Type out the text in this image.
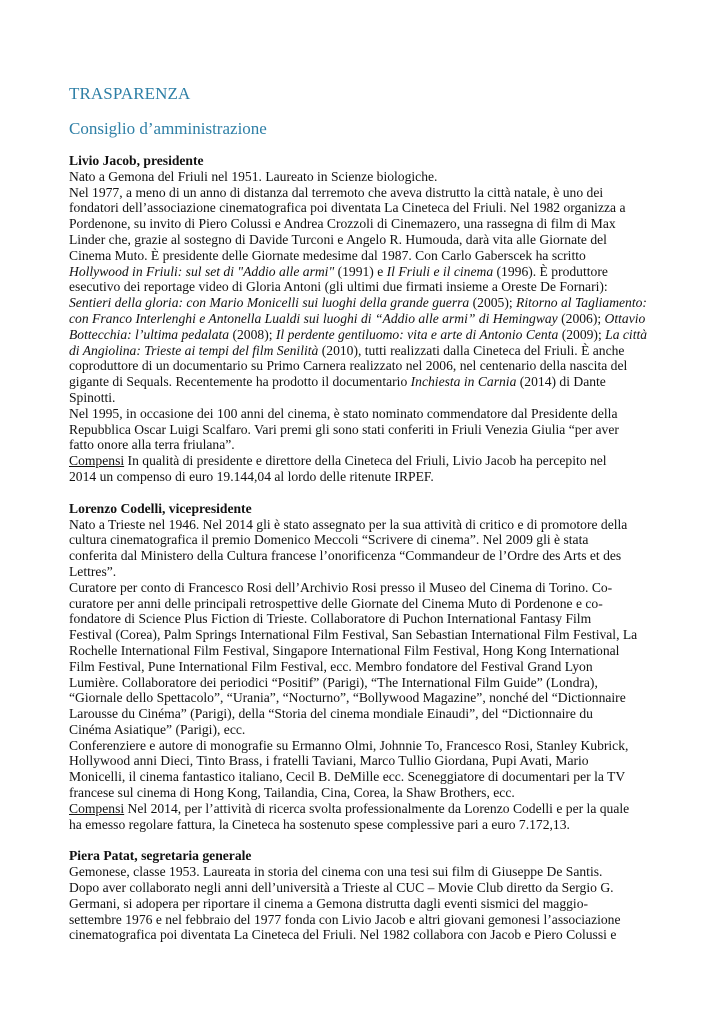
TRASPARENZA
Consiglio d’amministrazione
Livio Jacob, presidente
Nato a Gemona del Friuli nel 1951. Laureato in Scienze biologiche.
Nel 1977, a meno di un anno di distanza dal terremoto che aveva distrutto la città natale, è uno dei
fondatori dell’associazione cinematografica poi diventata La Cineteca del Friuli. Nel 1982 organizza a
Pordenone, su invito di Piero Colussi e Andrea Crozzoli di Cinemazero, una rassegna di film di Max
Linder che, grazie al sostegno di Davide Turconi e Angelo R. Humouda, darà vita alle Giornate del
Cinema Muto. È presidente delle Giornate medesime dal 1987. Con Carlo Gaberscek ha scritto
Hollywood in Friuli: sul set di "Addio alle armi" (1991) e Il Friuli e il cinema (1996). È produttore
esecutivo dei reportage video di Gloria Antoni (gli ultimi due firmati insieme a Oreste De Fornari):
Sentieri della gloria: con Mario Monicelli sui luoghi della grande guerra (2005); Ritorno al Tagliamento:
con Franco Interlenghi e Antonella Lualdi sui luoghi di “Addio alle armi” di Hemingway (2006); Ottavio
Bottecchia: l’ultima pedalata (2008); Il perdente gentiluomo: vita e arte di Antonio Centa (2009); La città
di Angiolina: Trieste ai tempi del film Senilità (2010), tutti realizzati dalla Cineteca del Friuli. È anche
coproduttore di un documentario su Primo Carnera realizzato nel 2006, nel centenario della nascita del
gigante di Sequals. Recentemente ha prodotto il documentario Inchiesta in Carnia (2014) di Dante
Spinotti.
Nel 1995, in occasione dei 100 anni del cinema, è stato nominato commendatore dal Presidente della
Repubblica Oscar Luigi Scalfaro. Vari premi gli sono stati conferiti in Friuli Venezia Giulia “per aver
fatto onore alla terra friulana”.
Compensi In qualità di presidente e direttore della Cineteca del Friuli, Livio Jacob ha percepito nel
2014 un compenso di euro 19.144,04 al lordo delle ritenute IRPEF.
Lorenzo Codelli, vicepresidente
Nato a Trieste nel 1946. Nel 2014 gli è stato assegnato per la sua attività di critico e di promotore della
cultura cinematografica il premio Domenico Meccoli “Scrivere di cinema”. Nel 2009 gli è stata
conferita dal Ministero della Cultura francese l’onorificenza “Commandeur de l’Ordre des Arts et des
Lettres”.
Curatore per conto di Francesco Rosi dell’Archivio Rosi presso il Museo del Cinema di Torino. Co-
curatore per anni delle principali retrospettive delle Giornate del Cinema Muto di Pordenone e co-
fondatore di Science Plus Fiction di Trieste. Collaboratore di Puchon International Fantasy Film
Festival (Corea), Palm Springs International Film Festival, San Sebastian International Film Festival, La
Rochelle International Film Festival, Singapore International Film Festival, Hong Kong International
Film Festival, Pune International Film Festival, ecc. Membro fondatore del Festival Grand Lyon
Lumière. Collaboratore dei periodici “Positif” (Parigi), “The International Film Guide” (Londra),
“Giornale dello Spettacolo”, “Urania”, “Nocturno”, “Bollywood Magazine”, nonché del “Dictionnaire
Larousse du Cinéma” (Parigi), della “Storia del cinema mondiale Einaudi”, del “Dictionnaire du
Cinéma Asiatique” (Parigi), ecc.
Conferenziere e autore di monografie su Ermanno Olmi, Johnnie To, Francesco Rosi, Stanley Kubrick,
Hollywood anni Dieci, Tinto Brass, i fratelli Taviani, Marco Tullio Giordana, Pupi Avati, Mario
Monicelli, il cinema fantastico italiano, Cecil B. DeMille ecc. Sceneggiatore di documentari per la TV
francese sul cinema di Hong Kong, Tailandia, Cina, Corea, la Shaw Brothers, ecc.
Compensi Nel 2014, per l’attività di ricerca svolta professionalmente da Lorenzo Codelli e per la quale
ha emesso regolare fattura, la Cineteca ha sostenuto spese complessive pari a euro 7.172,13.
Piera Patat, segretaria generale
Gemonese, classe 1953. Laureata in storia del cinema con una tesi sui film di Giuseppe De Santis.
Dopo aver collaborato negli anni dell’università a Trieste al CUC – Movie Club diretto da Sergio G.
Germani, si adopera per riportare il cinema a Gemona distrutta dagli eventi sismici del maggio-
settembre 1976 e nel febbraio del 1977 fonda con Livio Jacob e altri giovani gemonesi l’associazione
cinematografica poi diventata La Cineteca del Friuli. Nel 1982 collabora con Jacob e Piero Colussi e
